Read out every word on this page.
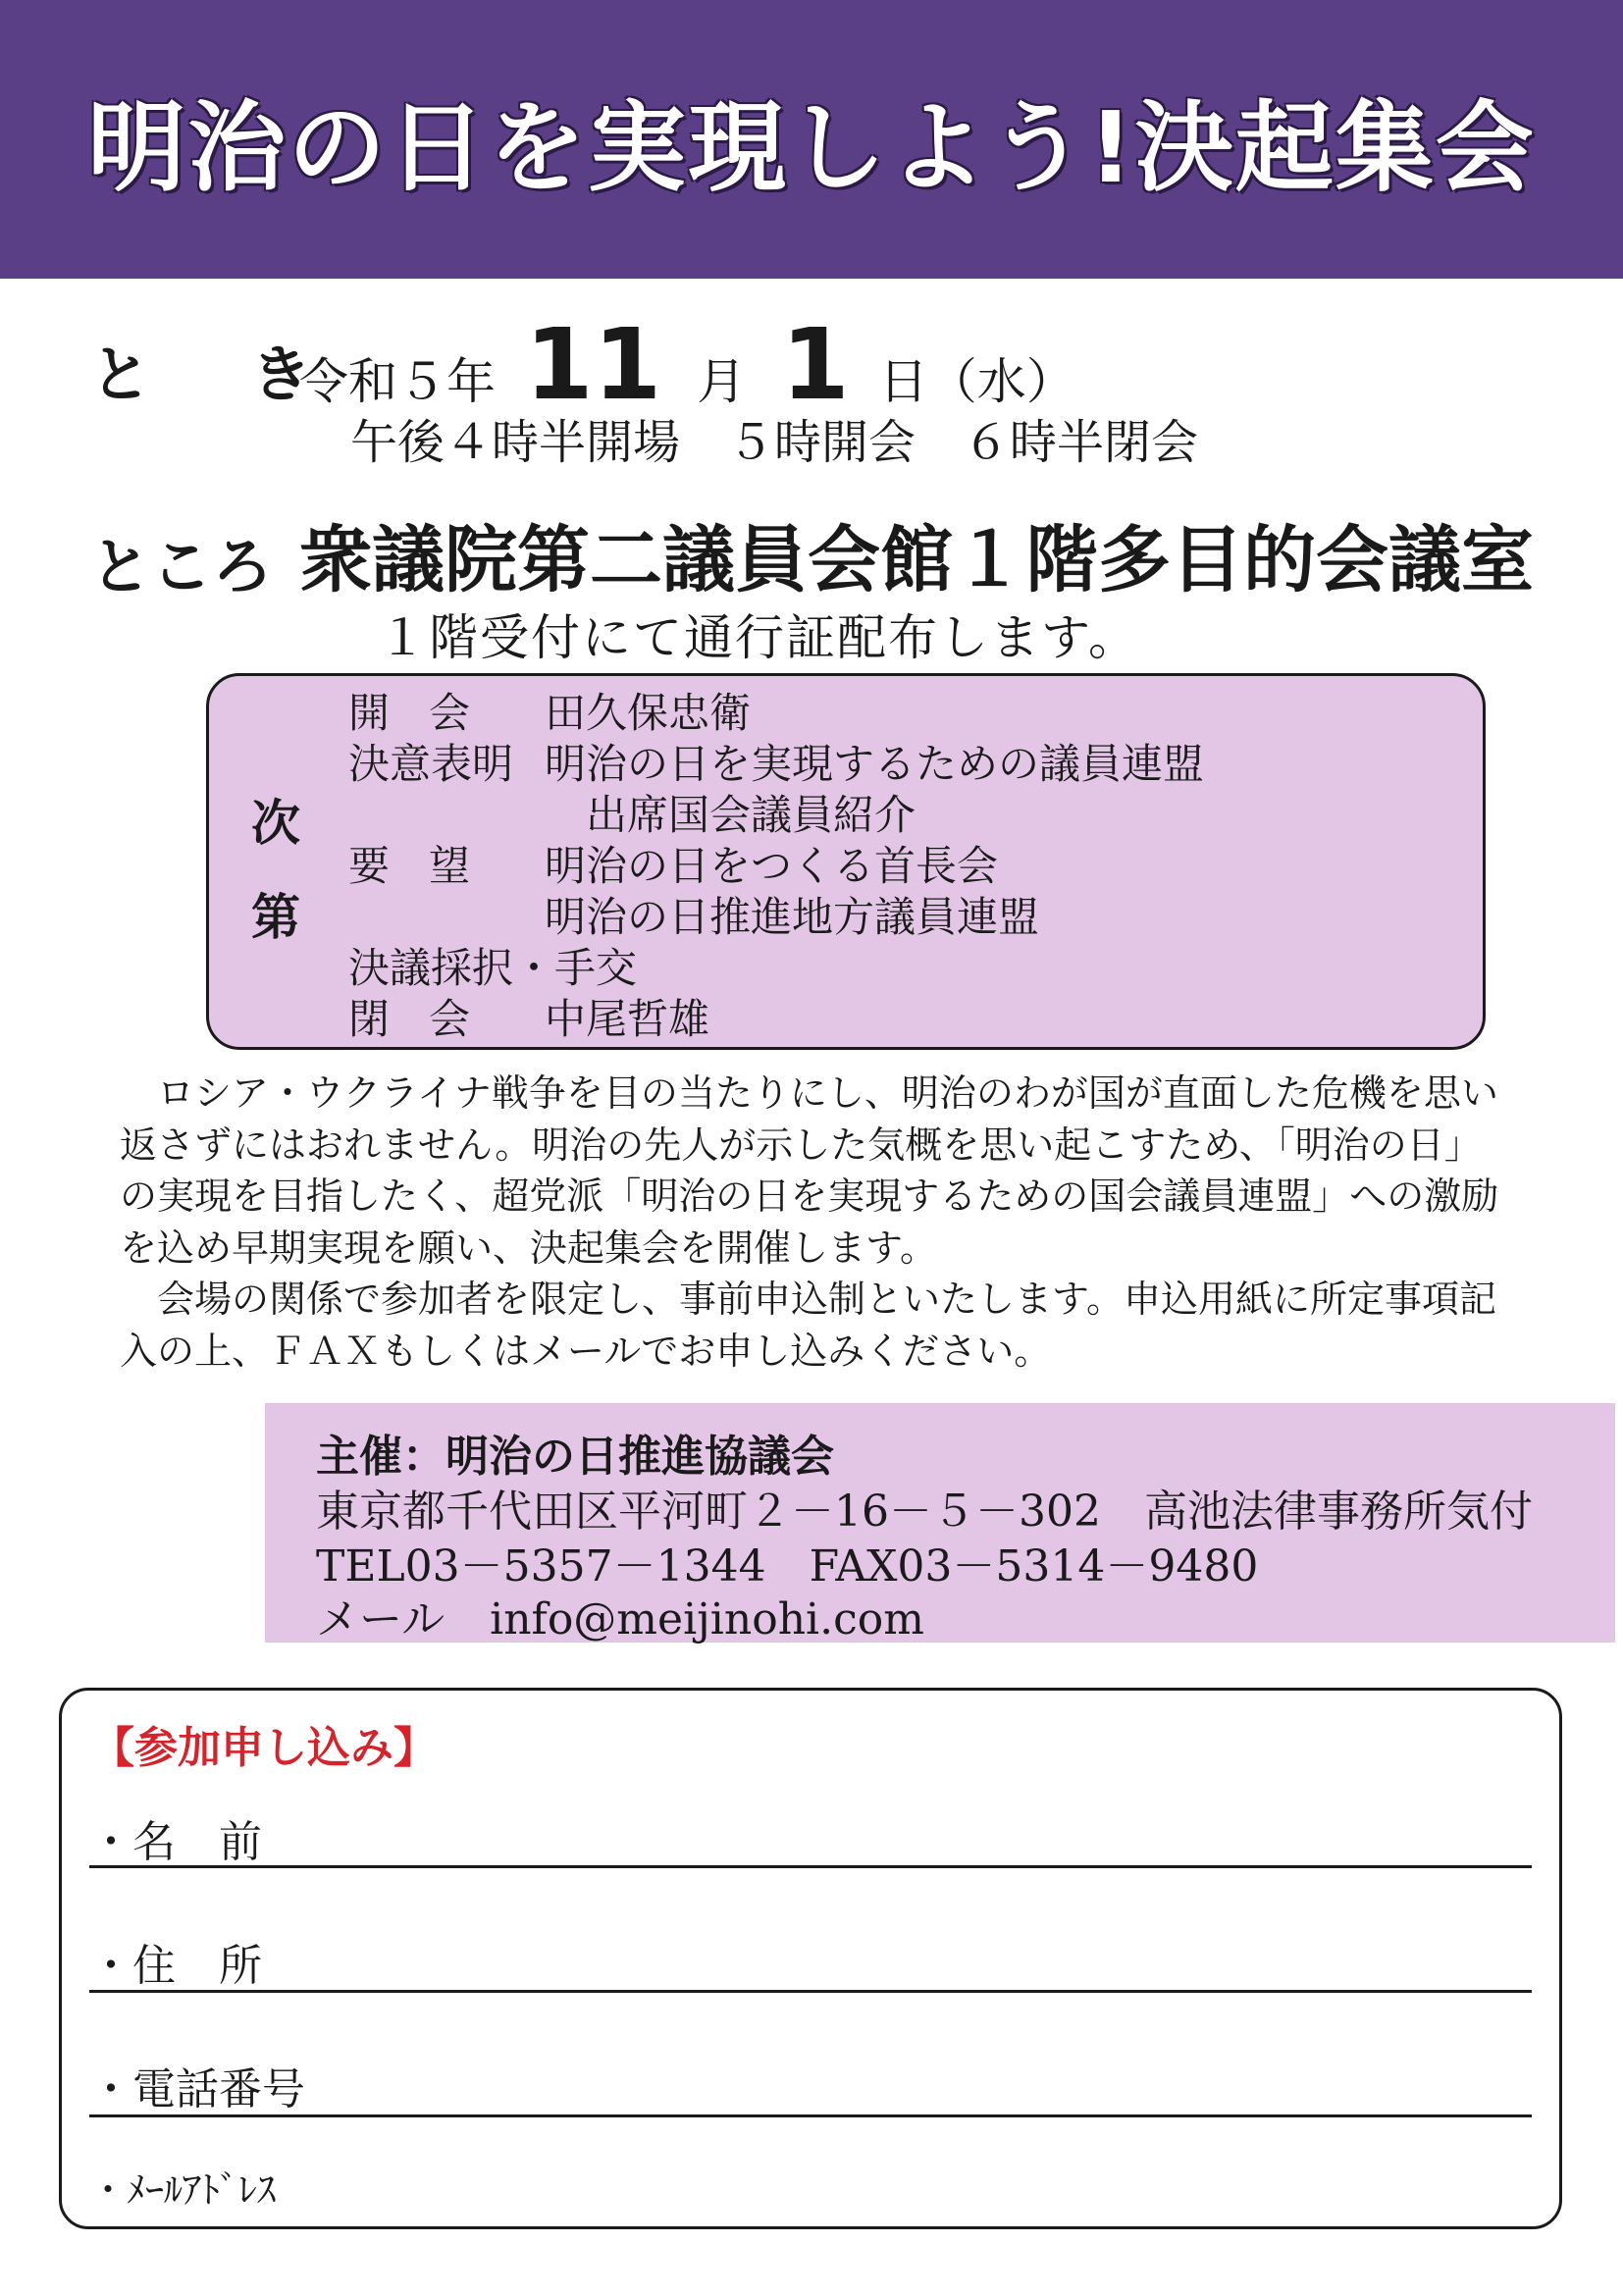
明治の日を実現しよう!決起集会
と き
令和５年 11 月 1 日（水）
午後４時半開場　５時開会　６時半閉会
ところ 衆議院第二議員会館１階多目的会議室
１階受付にて通行証配布します。
次第
開会 田久保忠衛
決意表明 明治の日を実現するための議員連盟
出席国会議員紹介
要望 明治の日をつくる首長会
明治の日推進地方議員連盟
決議採択・手交
閉会 中尾哲雄

ロシア・ウクライナ戦争を目の当たりにし、明治のわが国が直面した危機を思い返さずにはおれません。明治の先人が示した気概を思い起こすため、「明治の日」の実現を目指したく、超党派「明治の日を実現するための国会議員連盟」への激励を込め早期実現を願い、決起集会を開催します。

会場の関係で参加者を限定し、事前申込制といたします。申込用紙に所定事項記入の上、ＦＡＸもしくはメールでお申し込みください。

主催：明治の日推進協議会
東京都千代田区平河町２－16－５－302　高池法律事務所気付
TEL03－5357－1344　FAX03－5314－9480
メール info@meijinohi.com
【参加申し込み】
・名　前
・住　所
・電話番号
・ﾒｰﾙｱﾄﾞﾚｽ
